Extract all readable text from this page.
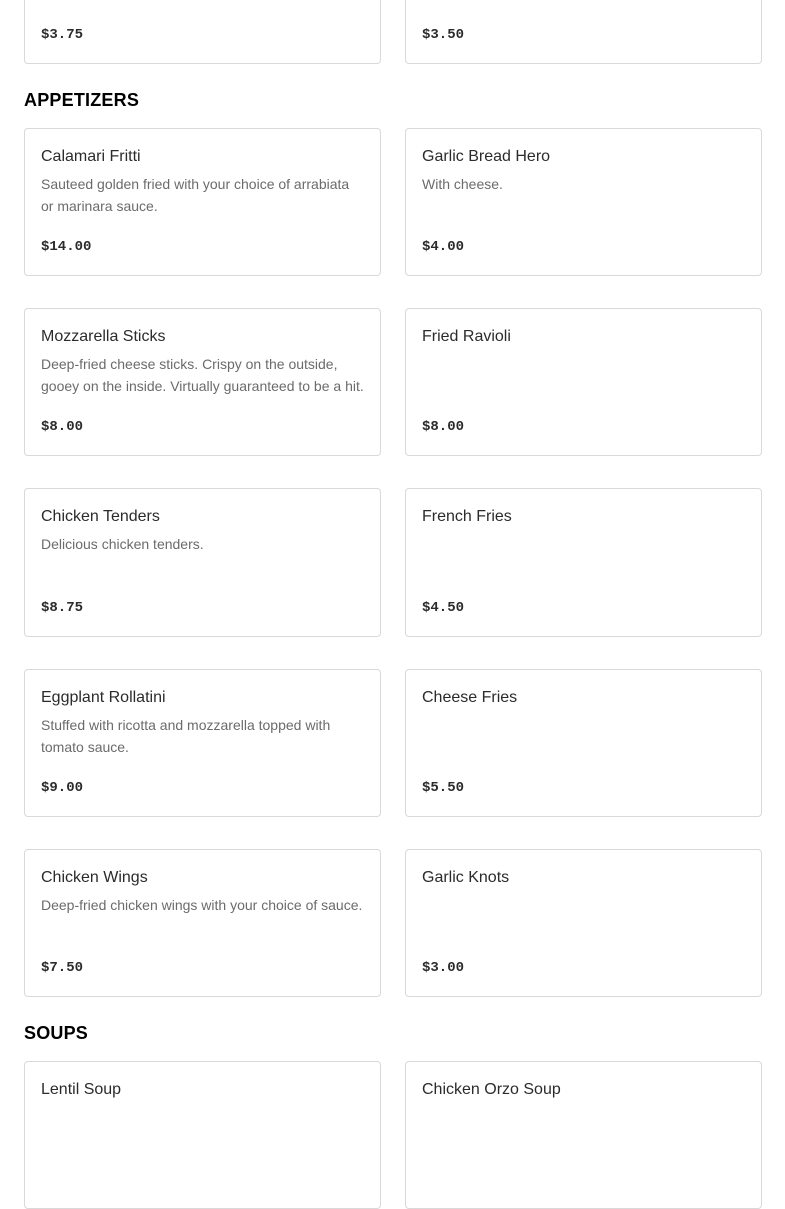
$3.75	$3.50
APPETIZERS
Calamari Fritti
Sauteed golden fried with your choice of arrabiata or marinara sauce.
$14.00
Garlic Bread Hero
With cheese.
$4.00
Mozzarella Sticks
Deep-fried cheese sticks. Crispy on the outside, gooey on the inside. Virtually guaranteed to be a hit.
$8.00
Fried Ravioli
$8.00
Chicken Tenders
Delicious chicken tenders.
$8.75
French Fries
$4.50
Eggplant Rollatini
Stuffed with ricotta and mozzarella topped with tomato sauce.
$9.00
Cheese Fries
$5.50
Chicken Wings
Deep-fried chicken wings with your choice of sauce.
$7.50
Garlic Knots
$3.00
SOUPS
Lentil Soup	Chicken Orzo Soup
